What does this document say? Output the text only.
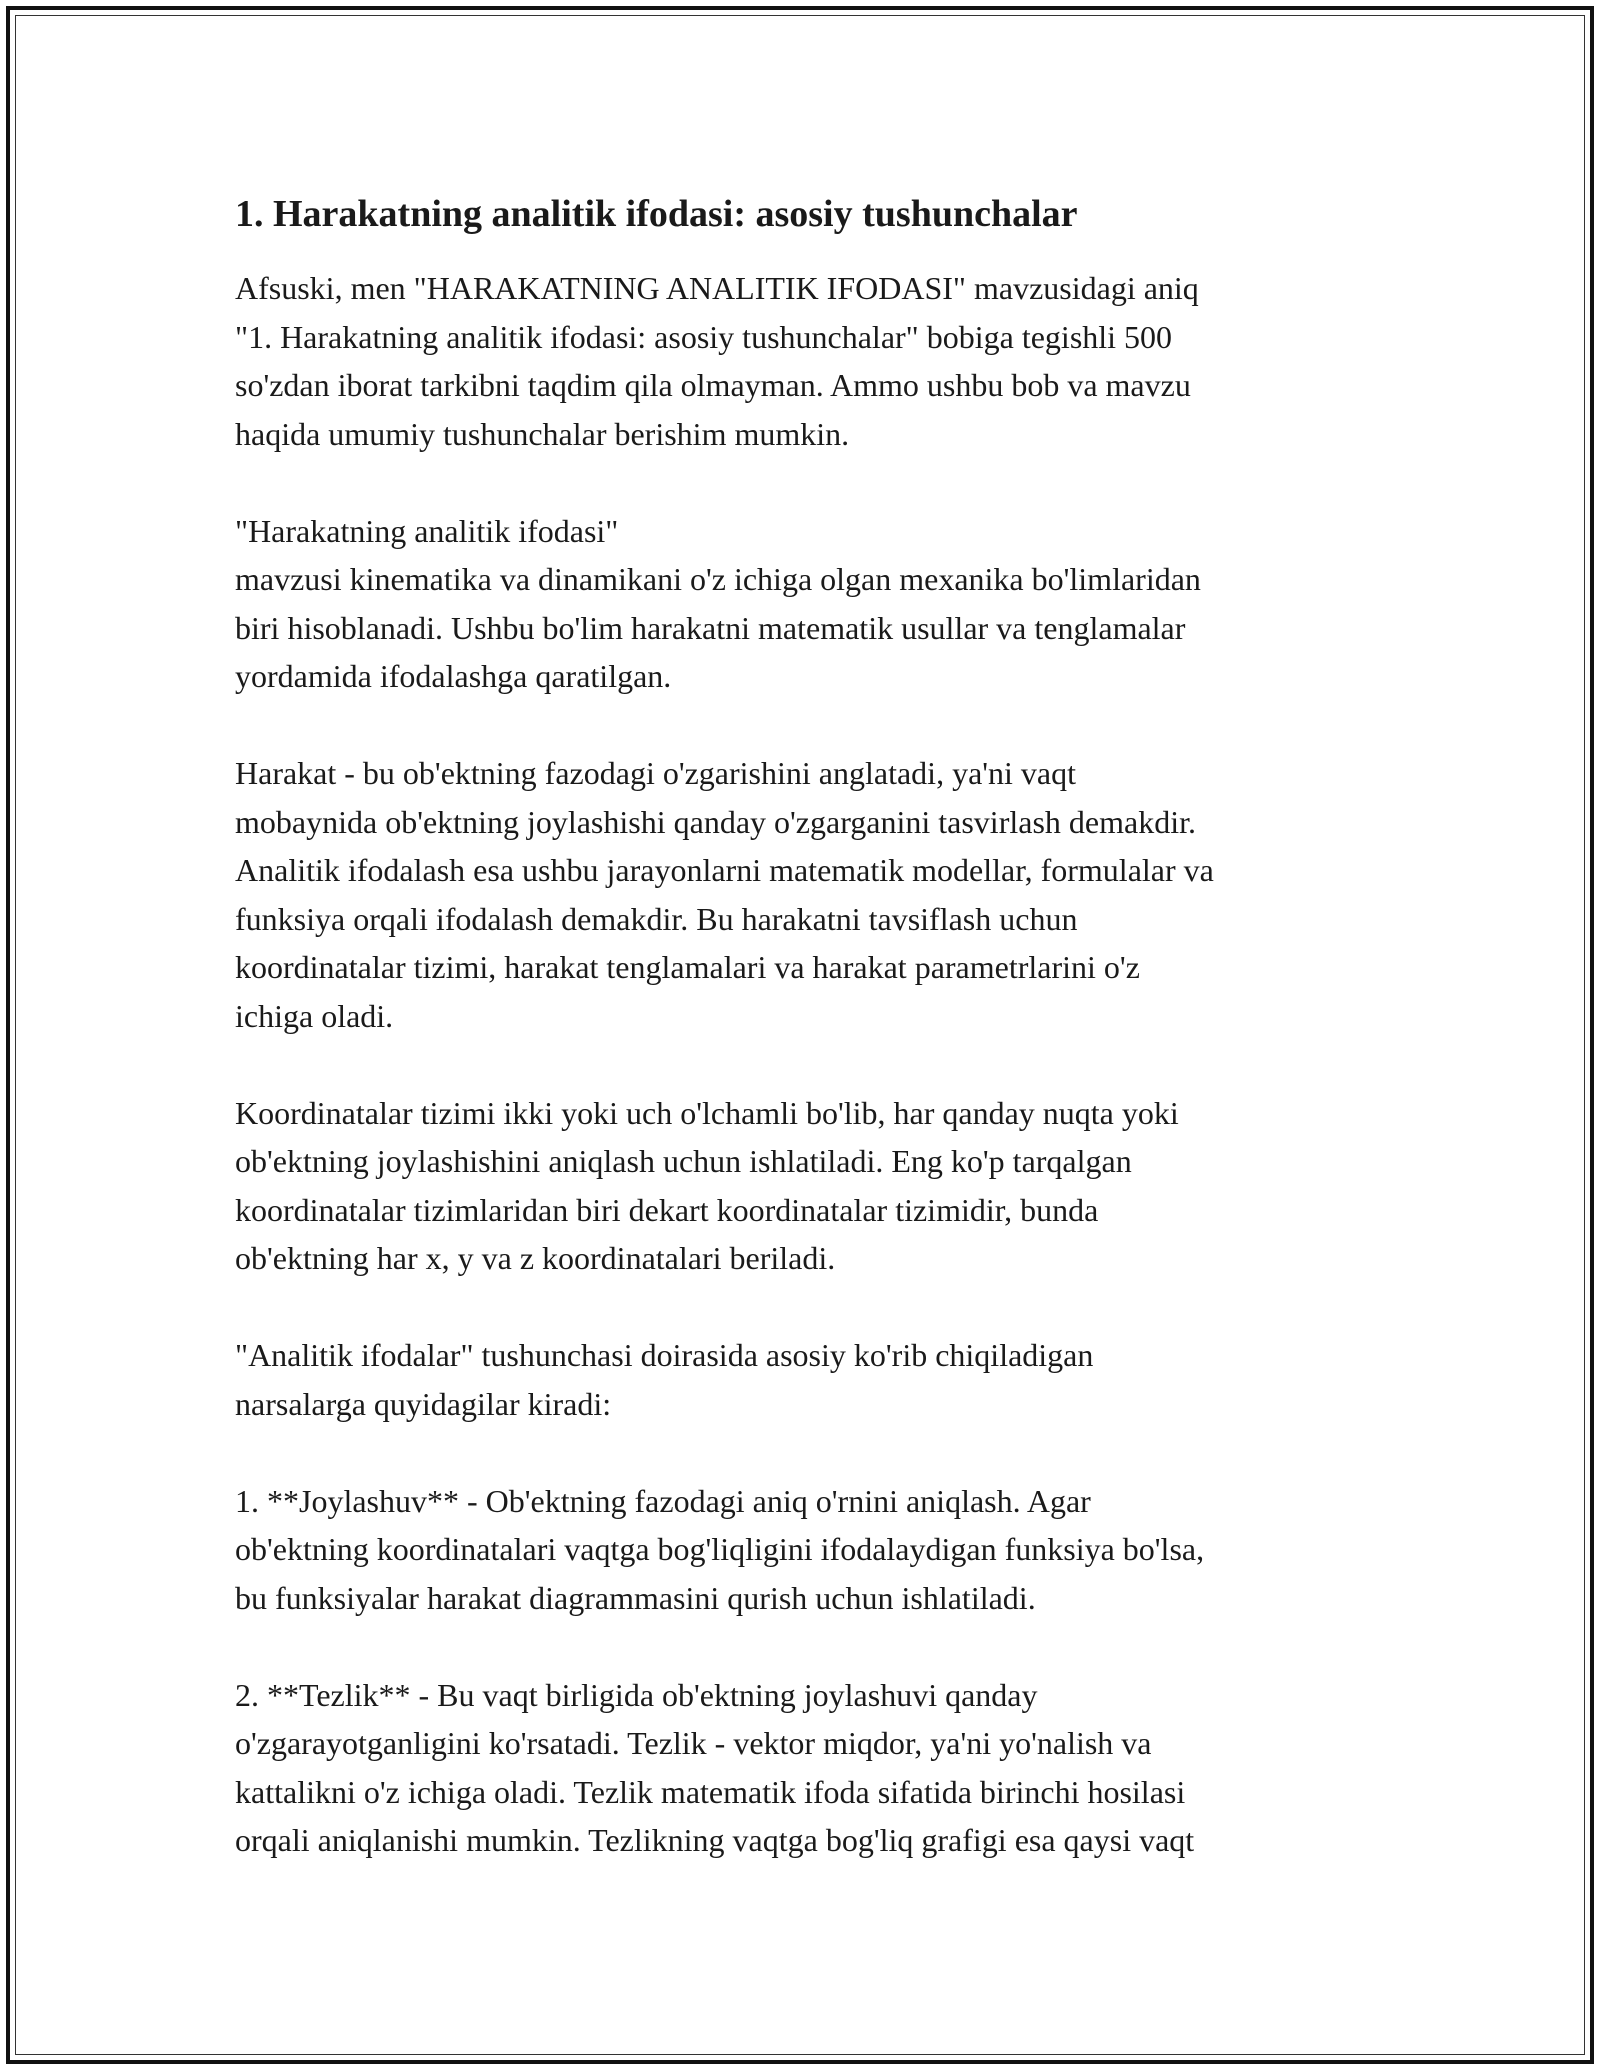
1. Harakatning analitik ifodasi: asosiy tushunchalar

Afsuski, men "HARAKATNING ANALITIK IFODASI" mavzusidagi aniq
"1. Harakatning analitik ifodasi: asosiy tushunchalar" bobiga tegishli 500
so'zdan iborat tarkibni taqdim qila olmayman. Ammo ushbu bob va mavzu
haqida umumiy tushunchalar berishim mumkin.

"Harakatning analitik ifodasi"
mavzusi kinematika va dinamikani o'z ichiga olgan mexanika bo'limlaridan
biri hisoblanadi. Ushbu bo'lim harakatni matematik usullar va tenglamalar
yordamida ifodalashga qaratilgan.

Harakat - bu ob'ektning fazodagi o'zgarishini anglatadi, ya'ni vaqt
mobaynida ob'ektning joylashishi qanday o'zgarganini tasvirlash demakdir.
Analitik ifodalash esa ushbu jarayonlarni matematik modellar, formulalar va
funksiya orqali ifodalash demakdir. Bu harakatni tavsiflash uchun
koordinatalar tizimi, harakat tenglamalari va harakat parametrlarini o'z
ichiga oladi.

Koordinatalar tizimi ikki yoki uch o'lchamli bo'lib, har qanday nuqta yoki
ob'ektning joylashishini aniqlash uchun ishlatiladi. Eng ko'p tarqalgan
koordinatalar tizimlaridan biri dekart koordinatalar tizimidir, bunda
ob'ektning har x, y va z koordinatalari beriladi.

"Analitik ifodalar" tushunchasi doirasida asosiy ko'rib chiqiladigan
narsalarga quyidagilar kiradi:

1. **Joylashuv** - Ob'ektning fazodagi aniq o'rnini aniqlash. Agar
ob'ektning koordinatalari vaqtga bog'liqligini ifodalaydigan funksiya bo'lsa,
bu funksiyalar harakat diagrammasini qurish uchun ishlatiladi.

2. **Tezlik** - Bu vaqt birligida ob'ektning joylashuvi qanday
o'zgarayotganligini ko'rsatadi. Tezlik - vektor miqdor, ya'ni yo'nalish va
kattalikni o'z ichiga oladi. Tezlik matematik ifoda sifatida birinchi hosilasi
orqali aniqlanishi mumkin. Tezlikning vaqtga bog'liq grafigi esa qaysi vaqt
